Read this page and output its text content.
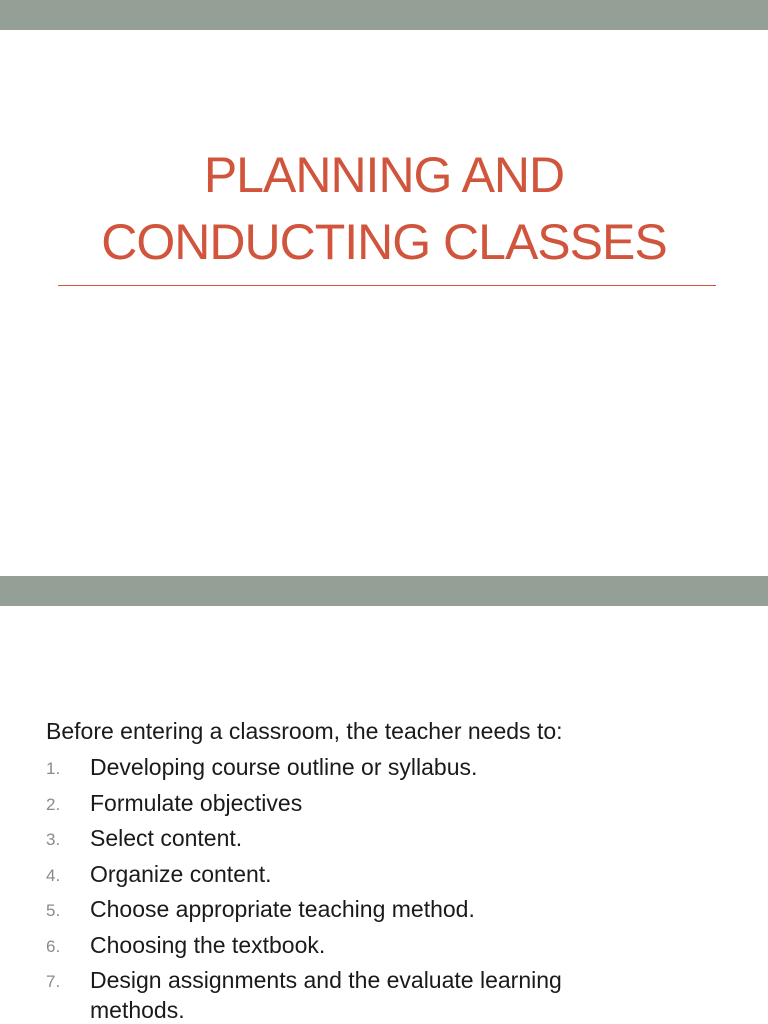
PLANNING AND
CONDUCTING CLASSES
Before entering a classroom, the teacher needs to:
1. Developing course outline or syllabus.
2. Formulate objectives
3. Select content.
4. Organize content.
5. Choose appropriate teaching method.
6. Choosing the textbook.
7. Design assignments and the evaluate learning methods.
